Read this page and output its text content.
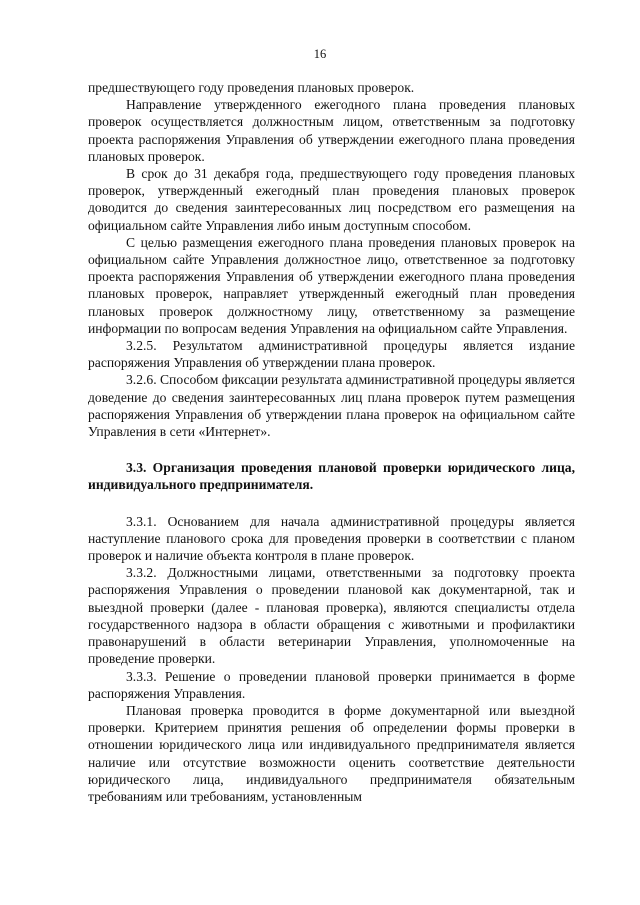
16

предшествующего году проведения плановых проверок.

Направление утвержденного ежегодного плана проведения плановых проверок осуществляется должностным лицом, ответственным за подготовку проекта распоряжения Управления об утверждении ежегодного плана проведения плановых проверок.

В срок до 31 декабря года, предшествующего году проведения плановых проверок, утвержденный ежегодный план проведения плановых проверок доводится до сведения заинтересованных лиц посредством его размещения на официальном сайте Управления либо иным доступным способом.

С целью размещения ежегодного плана проведения плановых проверок на официальном сайте Управления должностное лицо, ответственное за подготовку проекта распоряжения Управления об утверждении ежегодного плана проведения плановых проверок, направляет утвержденный ежегодный план проведения плановых проверок должностному лицу, ответственному за размещение информации по вопросам ведения Управления на официальном сайте Управления.

3.2.5. Результатом административной процедуры является издание распоряжения Управления об утверждении плана проверок.

3.2.6. Способом фиксации результата административной процедуры является доведение до сведения заинтересованных лиц плана проверок путем размещения распоряжения Управления об утверждении плана проверок на официальном сайте Управления в сети «Интернет».

3.3. Организация проведения плановой проверки юридического лица, индивидуального предпринимателя.

3.3.1. Основанием для начала административной процедуры является наступление планового срока для проведения проверки в соответствии с планом проверок и наличие объекта контроля в плане проверок.

3.3.2. Должностными лицами, ответственными за подготовку проекта распоряжения Управления о проведении плановой как документарной, так и выездной проверки (далее - плановая проверка), являются специалисты отдела государственного надзора в области обращения с животными и профилактики правонарушений в области ветеринарии Управления, уполномоченные на проведение проверки.

3.3.3. Решение о проведении плановой проверки принимается в форме распоряжения Управления.

Плановая проверка проводится в форме документарной или выездной проверки. Критерием принятия решения об определении формы проверки в отношении юридического лица или индивидуального предпринимателя является наличие или отсутствие возможности оценить соответствие деятельности юридического лица, индивидуального предпринимателя обязательным требованиям или требованиям, установленным
